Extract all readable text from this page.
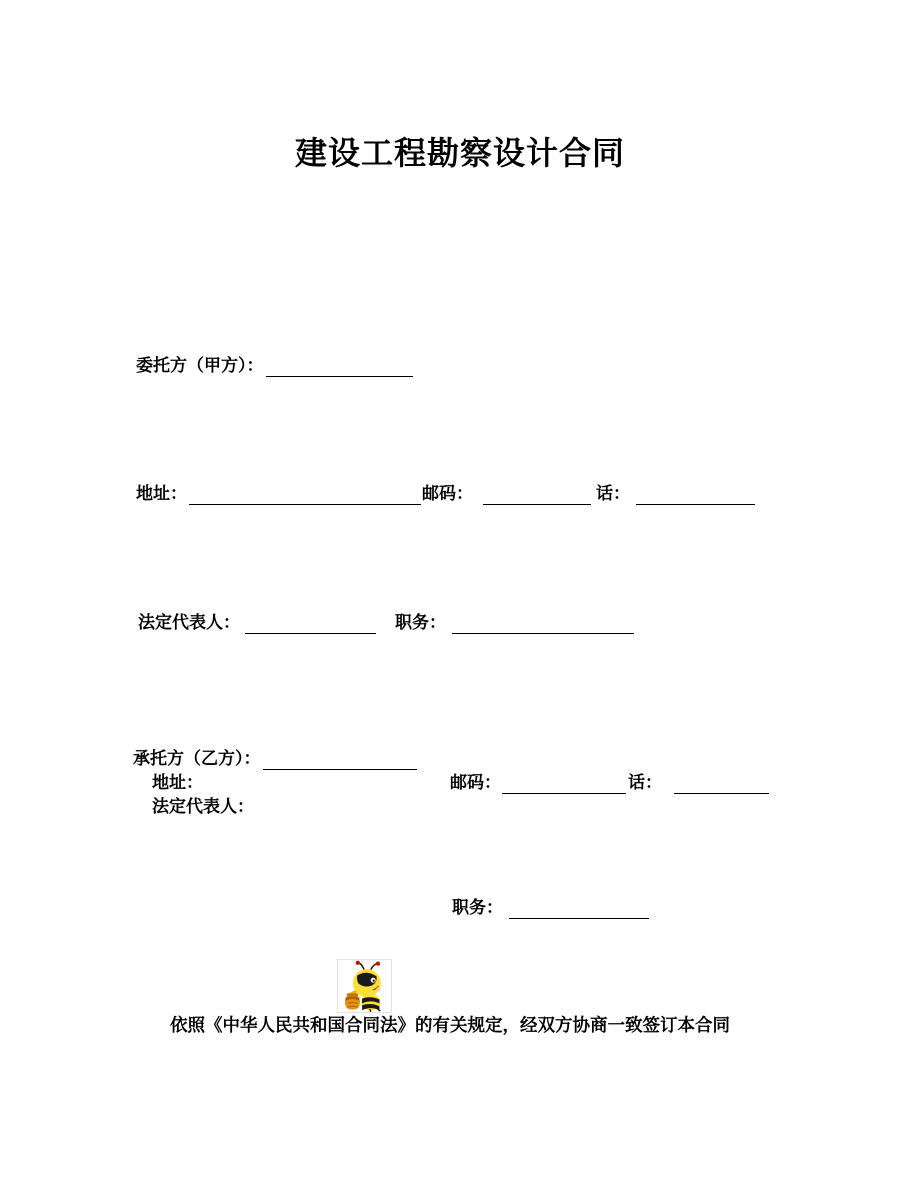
建设工程勘察设计合同
委托方（甲方）：
地址：	邮码：	话：
法定代表人：	职务：
承托方（乙方）：
地址：	邮码：	话：
法定代表人：
职务：
依照《中华人民共和国合同法》的有关规定，经双方协商一致签订本合同
